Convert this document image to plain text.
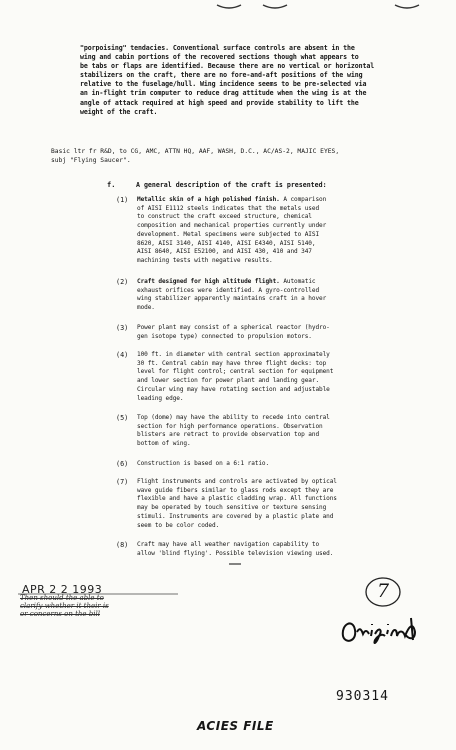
"porpoising" tendacies. Conventional surface controls are absent in the
wing and cabin portions of the recovered sections though what appears to
be tabs or flaps are identified. Because there are no vertical or horizontal
stabilizers on the craft, there are no fore-and-aft positions of the wing
relative to the fuselage/hull. Wing incidence seems to be pre-selected via
an in-flight trim computer to reduce drag attitude when the wing is at the
angle of attack required at high speed and provide stability to lift the
weight of the craft.
Basic ltr fr R&D, to CG, AMC, ATTN HQ, AAF, WASH, D.C., AC/AS-2, MAJIC EYES,
subj "Flying Saucer".
f.	A general description of the craft is presented:
(1) Metallic skin of a high polished finish. A comparison
of AISI E1112 steels indicates that the metals used
to construct the craft exceed structure, chemical
composition and mechanical properties currently under
development. Metal specimens were subjected to AISI
8620, AISI 3140, AISI 4140, AISI E4340, AISI 5140,
AISI 8640, AISI E52100, and AISI 430, 410 and 347
machining tests with negative results.
(2) Craft designed for high altitude flight. Automatic
exhaust orifices were identified. A gyro-controlled
wing stabilizer apparently maintains craft in a hover
mode.
(3) Power plant may consist of a spherical reactor (hydro-
gen isotope type) connected to propulsion motors.
(4) 100 ft. in diameter with central section approximately
30 ft. Central cabin may have three flight decks: top
level for flight control; central section for equipment
and lower section for power plant and landing gear.
Circular wing may have rotating section and adjustable
leading edge.
(5) Top (dome) may have the ability to recede into central
section for high performance operations. Observation
blisters are retract to provide observation top and
bottom of wing.
(6) Construction is based on a 6:1 ratio.
(7) Flight instruments and controls are activated by optical
wave guide fibers similar to glass rods except they are
flexible and have a plastic cladding wrap. All functions
may be operated by touch sensitive or texture sensing
stimuli. Instruments are covered by a plastic plate and
seem to be color coded.
(8) Craft may have all weather navigation capability to
allow 'blind flying'. Possible television viewing used.
APR 2 2 1993
Then should the able to
clarify whether it their is
or concerns on the bill
7
930314
ACIES FILE
